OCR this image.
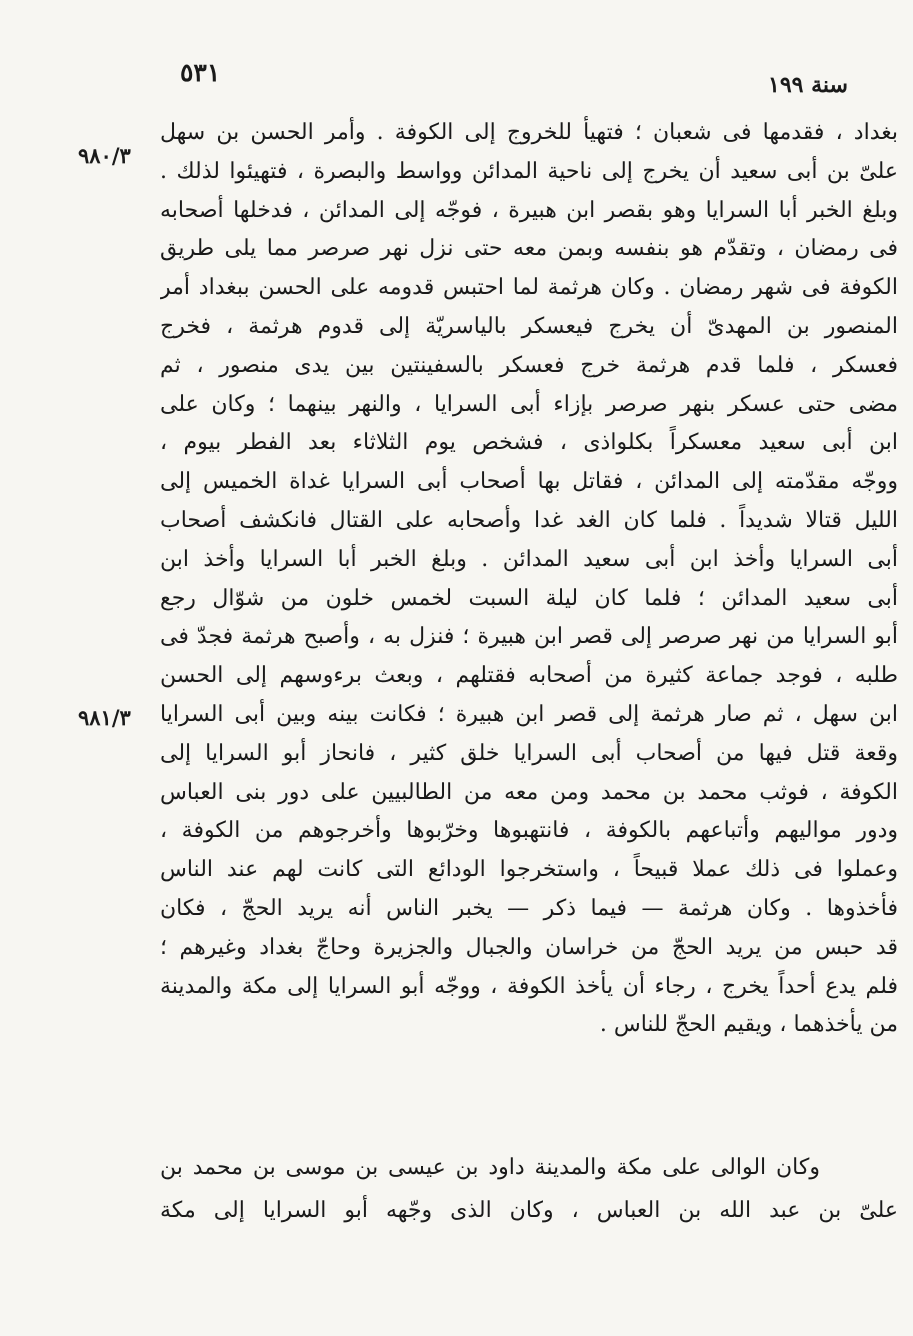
٥٣١	سنة ١٩٩
٩٨٠/٣
٩٨١/٣
بغداد ، فقدمها فى شعبان ؛ فتهيأ للخروج إلى الكوفة . وأمر الحسن بن سهل
علىّ بن أبى سعيد أن يخرج إلى ناحية المدائن وواسط والبصرة ، فتهيئوا لذلك .
وبلغ الخبر أبا السرايا وهو بقصر ابن هبيرة ، فوجّه إلى المدائن ، فدخلها أصحابه
فى رمضان ، وتقدّم هو بنفسه وبمن معه حتى نزل نهر صرصر مما يلى طريق
الكوفة فى شهر رمضان . وكان هرثمة لما احتبس قدومه على الحسن ببغداد أمر
المنصور بن المهدىّ أن يخرج فيعسكر بالياسريّة إلى قدوم هرثمة ، فخرج
فعسكر ، فلما قدم هرثمة خرج فعسكر بالسفينتين بين يدى منصور ، ثم
مضى حتى عسكر بنهر صرصر بإزاء أبى السرايا ، والنهر بينهما ؛ وكان على
ابن أبى سعيد معسكراً بكلواذى ، فشخص يوم الثلاثاء بعد الفطر بيوم ،
ووجّه مقدّمته إلى المدائن ، فقاتل بها أصحاب أبى السرايا غداة الخميس إلى
الليل قتالا شديداً . فلما كان الغد غدا وأصحابه على القتال فانكشف أصحاب
أبى السرايا وأخذ ابن أبى سعيد المدائن . وبلغ الخبر أبا السرايا وأخذ ابن
أبى سعيد المدائن ؛ فلما كان ليلة السبت لخمس خلون من شوّال رجع
أبو السرايا من نهر صرصر إلى قصر ابن هبيرة ؛ فنزل به ، وأصبح هرثمة فجدّ فى
طلبه ، فوجد جماعة كثيرة من أصحابه فقتلهم ، وبعث برءوسهم إلى الحسن
ابن سهل ، ثم صار هرثمة إلى قصر ابن هبيرة ؛ فكانت بينه وبين أبى السرايا
وقعة قتل فيها من أصحاب أبى السرايا خلق كثير ، فانحاز أبو السرايا إلى
الكوفة ، فوثب محمد بن محمد ومن معه من الطالبيين على دور بنى العباس
ودور مواليهم وأتباعهم بالكوفة ، فانتهبوها وخرّبوها وأخرجوهم من الكوفة ،
وعملوا فى ذلك عملا قبيحاً ، واستخرجوا الودائع التى كانت لهم عند الناس
فأخذوها . وكان هرثمة — فيما ذكر — يخبر الناس أنه يريد الحجّ ، فكان
قد حبس من يريد الحجّ من خراسان والجبال والجزيرة وحاجّ بغداد وغيرهم ؛
فلم يدع أحداً يخرج ، رجاء أن يأخذ الكوفة ، ووجّه أبو السرايا إلى مكة والمدينة
من يأخذهما ، ويقيم الحجّ للناس .
وكان الوالى على مكة والمدينة داود بن عيسى بن موسى بن محمد بن
علىّ بن عبد الله بن العباس ، وكان الذى وجّهه أبو السرايا إلى مكة
